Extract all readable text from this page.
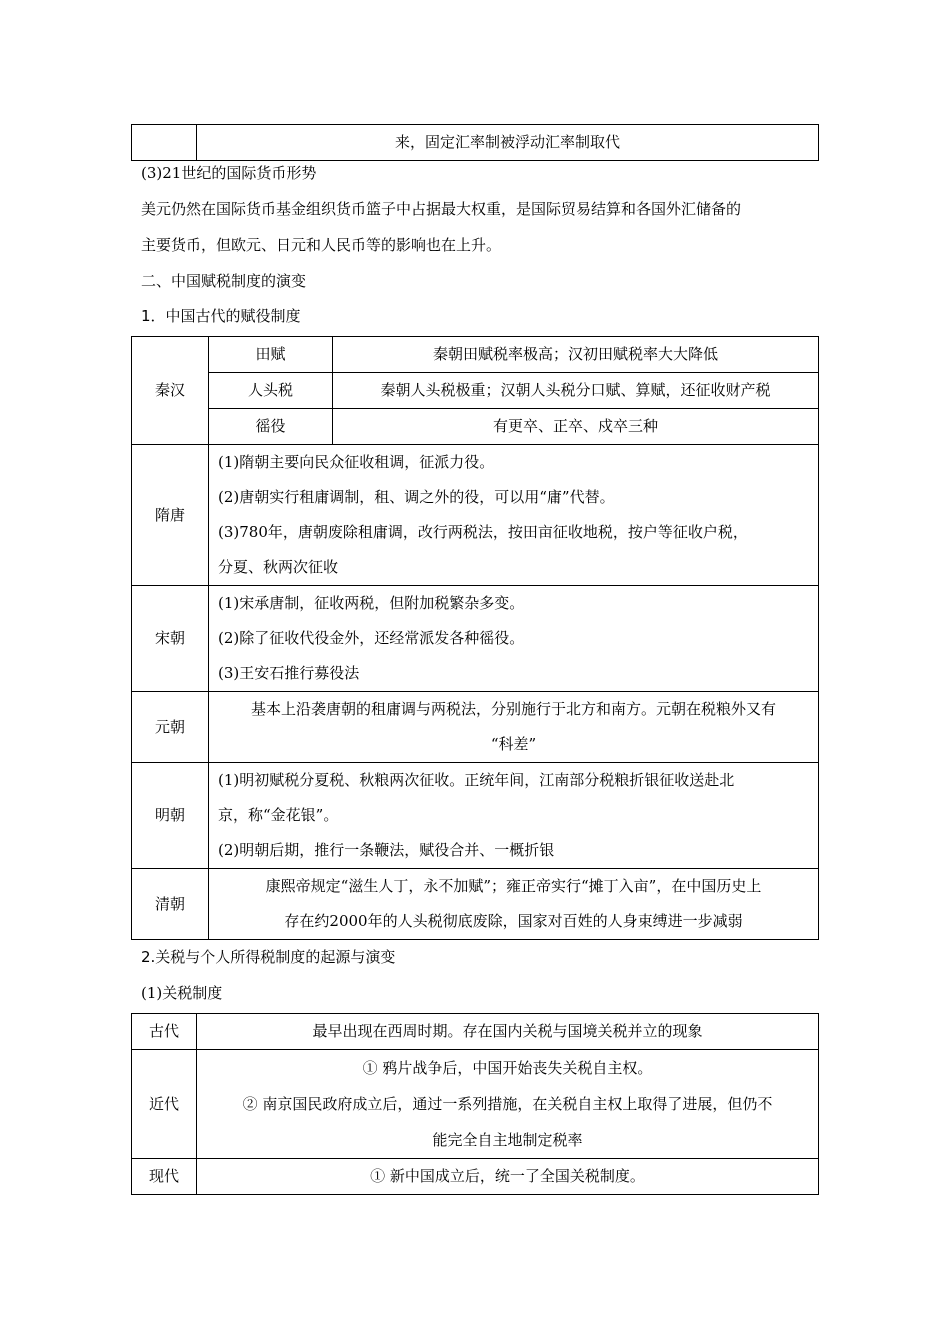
	来，固定汇率制被浮动汇率制取代

(3)21世纪的国际货币形势

美元仍然在国际货币基金组织货币篮子中占据最大权重，是国际贸易结算和各国外汇储备的

主要货币，但欧元、日元和人民币等的影响也在上升。

二、中国赋税制度的演变

1．中国古代的赋役制度

秦汉	田赋	秦朝田赋税率极高；汉初田赋税率大大降低
	人头税	秦朝人头税极重；汉朝人头税分口赋、算赋，还征收财产税
	徭役	有更卒、正卒、戍卒三种
隋唐	(1)隋朝主要向民众征收租调，征派力役。
(2)唐朝实行租庸调制，租、调之外的役，可以用“庸”代替。
(3)780年，唐朝废除租庸调，改行两税法，按田亩征收地税，按户等征收户税，
分夏、秋两次征收	

宋朝	(1)宋承唐制，征收两税，但附加税繁杂多变。
(2)除了征收代役金外，还经常派发各种徭役。
(3)王安石推行募役法	

元朝	基本上沿袭唐朝的租庸调与两税法，分别施行于北方和南方。元朝在税粮外又有
“科差”	

明朝	(1)明初赋税分夏税、秋粮两次征收。正统年间，江南部分税粮折银征收送赴北
京，称“金花银”。
(2)明朝后期，推行一条鞭法，赋役合并、一概折银	

清朝	康熙帝规定“滋生人丁，永不加赋”；雍正帝实行“摊丁入亩”，在中国历史上
存在约2000年的人头税彻底废除，国家对百姓的人身束缚进一步减弱	

2.关税与个人所得税制度的起源与演变

(1)关税制度

古代	最早出现在西周时期。存在国内关税与国境关税并立的现象
近代	① 鸦片战争后，中国开始丧失关税自主权。
② 南京国民政府成立后，通过一系列措施，在关税自主权上取得了进展，但仍不
能完全自主地制定税率

现代	① 新中国成立后，统一了全国关税制度。
